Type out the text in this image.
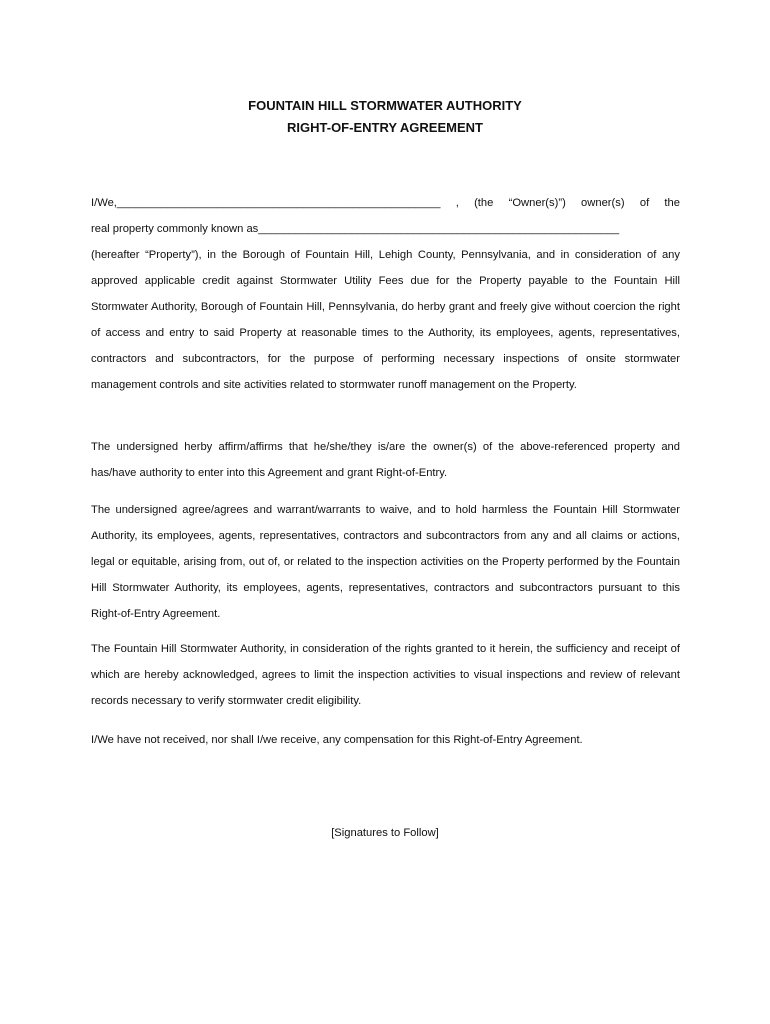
FOUNTAIN HILL STORMWATER AUTHORITY
RIGHT-OF-ENTRY AGREEMENT
I/We,____________________________________________________ , (the “Owner(s)”) owner(s) of the
real property commonly known as__________________________________________________________

(hereafter “Property”), in the Borough of Fountain Hill, Lehigh County, Pennsylvania, and in consideration of any approved applicable credit against Stormwater Utility Fees due for the Property payable to the Fountain Hill Stormwater Authority, Borough of Fountain Hill, Pennsylvania, do herby grant and freely give without coercion the right of access and entry to said Property at reasonable times to the Authority, its employees, agents, representatives, contractors and subcontractors, for the purpose of performing necessary inspections of onsite stormwater management controls and site activities related to stormwater runoff management on the Property.

The undersigned herby affirm/affirms that he/she/they is/are the owner(s) of the above-referenced property and has/have authority to enter into this Agreement and grant Right-of-Entry.

The undersigned agree/agrees and warrant/warrants to waive, and to hold harmless the Fountain Hill Stormwater Authority, its employees, agents, representatives, contractors and subcontractors from any and all claims or actions, legal or equitable, arising from, out of, or related to the inspection activities on the Property performed by the Fountain Hill Stormwater Authority, its employees, agents, representatives, contractors and subcontractors pursuant to this Right-of-Entry Agreement.

The Fountain Hill Stormwater Authority, in consideration of the rights granted to it herein, the sufficiency and receipt of which are hereby acknowledged, agrees to limit the inspection activities to visual inspections and review of relevant records necessary to verify stormwater credit eligibility.

I/We have not received, nor shall I/we receive, any compensation for this Right-of-Entry Agreement.

[Signatures to Follow]
